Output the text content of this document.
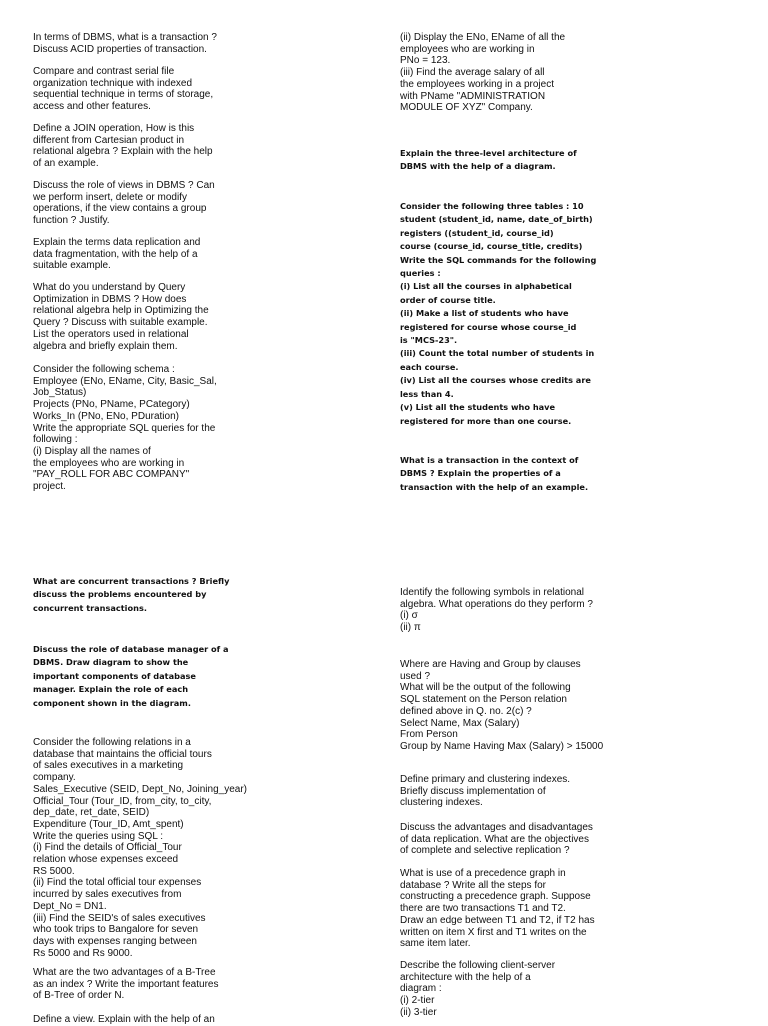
In terms of DBMS, what is a transaction ?
Discuss ACID properties of transaction.

Compare and contrast serial file
organization technique with indexed
sequential technique in terms of storage,
access and other features.

Define a JOIN operation, How is this
different from Cartesian product in
relational algebra ? Explain with the help
of an example.

Discuss the role of views in DBMS ? Can
we perform insert, delete or modify
operations, if the view contains a group
function ? Justify.

Explain the terms data replication and
data fragmentation, with the help of a
suitable example.

What do you understand by Query
Optimization in DBMS ? How does
relational algebra help in Optimizing the
Query ? Discuss with suitable example.
List the operators used in relational
algebra and briefly explain them.

Consider the following schema :
Employee (ENo, EName, City, Basic_Sal,
Job_Status)
Projects (PNo, PName, PCategory)
Works_In (PNo, ENo, PDuration)
Write the appropriate SQL queries for the
following :
(i) Display all the names of
the employees who are working in
"PAY_ROLL FOR ABC COMPANY"
project.

What are concurrent transactions ? Briefly
discuss the problems encountered by
concurrent transactions.

Discuss the role of database manager of a
DBMS. Draw diagram to show the
important components of database
manager. Explain the role of each
component shown in the diagram.

Consider the following relations in a
database that maintains the official tours
of sales executives in a marketing
company.
Sales_Executive (SEID, Dept_No, Joining_year)
Official_Tour (Tour_ID, from_city, to_city,
dep_date, ret_date, SEID)
Expenditure (Tour_ID, Amt_spent)
Write the queries using SQL :
(i) Find the details of Official_Tour
relation whose expenses exceed
RS 5000.
(ii) Find the total official tour expenses
incurred by sales executives from
Dept_No = DN1.
(iii) Find the SEID's of sales executives
who took trips to Bangalore for seven
days with expenses ranging between
Rs 5000 and Rs 9000.

What are the two advantages of a B-Tree
as an index ? Write the important features
of B-Tree of order N.

Define a view. Explain with the help of an

(ii) Display the ENo, EName of all the
employees who are working in
PNo = 123.
(iii) Find the average salary of all
the employees working in a project
with PName "ADMINISTRATION
MODULE OF XYZ" Company.

Explain the three-level architecture of
DBMS with the help of a diagram.

Consider the following three tables : 10
student (student_id, name, date_of_birth)
registers ((student_id, course_id)
course (course_id, course_title, credits)
Write the SQL commands for the following
queries :
(i) List all the courses in alphabetical
order of course title.
(ii) Make a list of students who have
registered for course whose course_id
is "MCS-23".
(iii) Count the total number of students in
each course.
(iv) List all the courses whose credits are
less than 4.
(v) List all the students who have
registered for more than one course.

What is a transaction in the context of
DBMS ? Explain the properties of a
transaction with the help of an example.

Identify the following symbols in relational
algebra. What operations do they perform ?
(i) σ
(ii) π

Where are Having and Group by clauses
used ?
What will be the output of the following
SQL statement on the Person relation
defined above in Q. no. 2(c) ?
Select Name, Max (Salary)
From Person
Group by Name Having Max (Salary) > 15000

Define primary and clustering indexes.
Briefly discuss implementation of
clustering indexes.

Discuss the advantages and disadvantages
of data replication. What are the objectives
of complete and selective replication ?

What is use of a precedence graph in
database ? Write all the steps for
constructing a precedence graph. Suppose
there are two transactions T1 and T2.
Draw an edge between T1 and T2, if T2 has
written on item X first and T1 writes on the
same item later.

Describe the following client-server
architecture with the help of a
diagram :
(i) 2-tier
(ii) 3-tier
